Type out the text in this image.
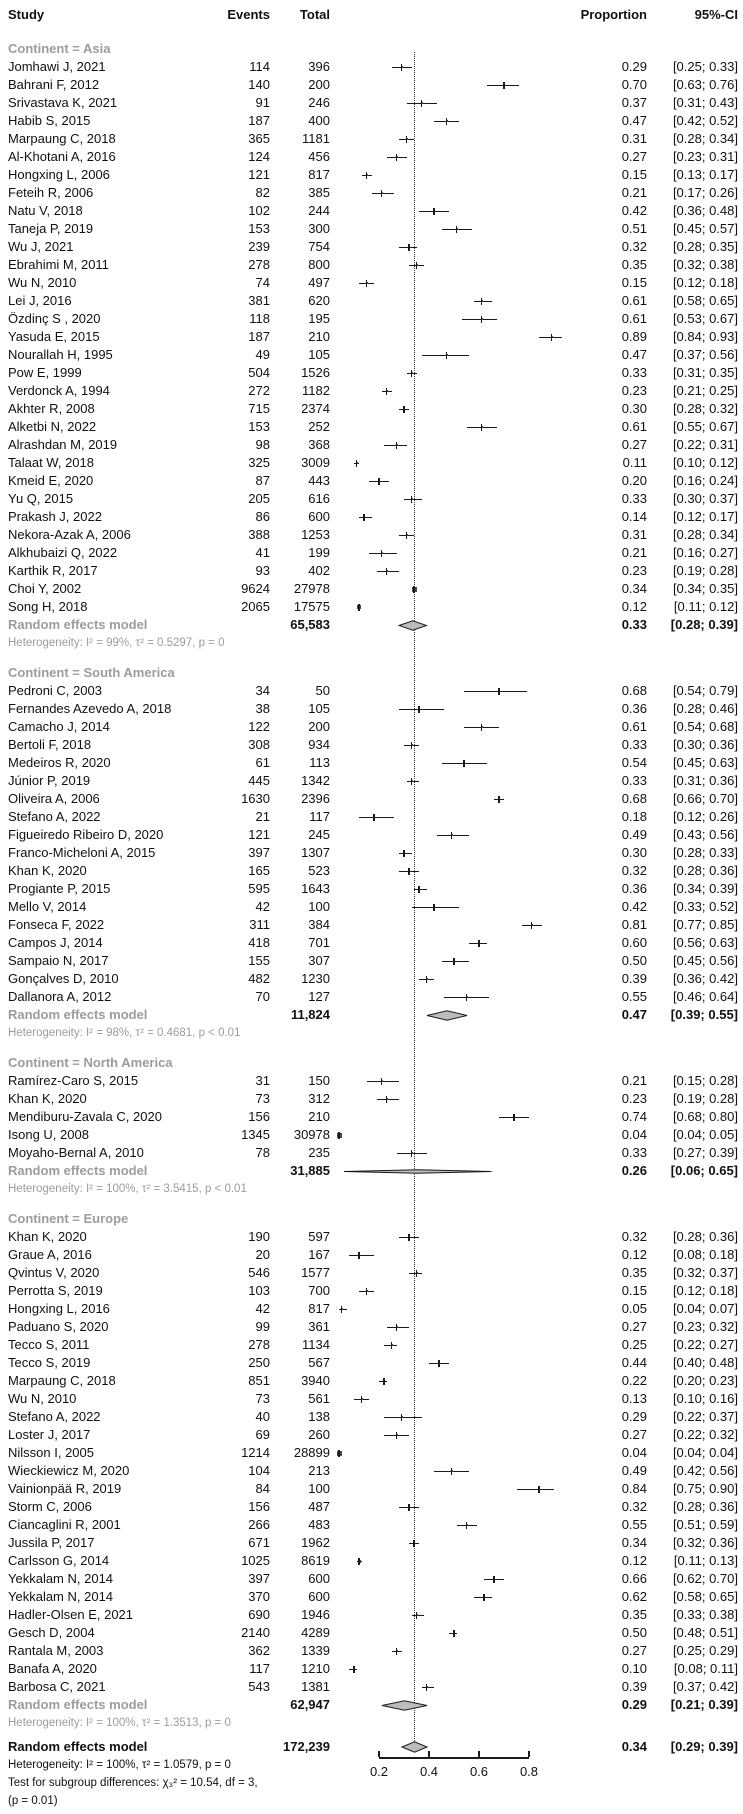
Study	Events	Total	Proportion	95%-CI
Continent = Asia
Jomhawi J, 2021	114	396	0.29	[0.25; 0.33]
Bahrani F, 2012	140	200	0.70	[0.63; 0.76]
Srivastava K, 2021	91	246	0.37	[0.31; 0.43]
Habib S, 2015	187	400	0.47	[0.42; 0.52]
Marpaung C, 2018	365	1181	0.31	[0.28; 0.34]
Al-Khotani A, 2016	124	456	0.27	[0.23; 0.31]
Hongxing L, 2006	121	817	0.15	[0.13; 0.17]
Feteih R, 2006	82	385	0.21	[0.17; 0.26]
Natu V, 2018	102	244	0.42	[0.36; 0.48]
Taneja P, 2019	153	300	0.51	[0.45; 0.57]
Wu J, 2021	239	754	0.32	[0.28; 0.35]
Ebrahimi M, 2011	278	800	0.35	[0.32; 0.38]
Wu N, 2010	74	497	0.15	[0.12; 0.18]
Lei J, 2016	381	620	0.61	[0.58; 0.65]
Özdinç S , 2020	118	195	0.61	[0.53; 0.67]
Yasuda E, 2015	187	210	0.89	[0.84; 0.93]
Nourallah H, 1995	49	105	0.47	[0.37; 0.56]
Pow E, 1999	504	1526	0.33	[0.31; 0.35]
Verdonck A, 1994	272	1182	0.23	[0.21; 0.25]
Akhter R, 2008	715	2374	0.30	[0.28; 0.32]
Alketbi N, 2022	153	252	0.61	[0.55; 0.67]
Alrashdan M, 2019	98	368	0.27	[0.22; 0.31]
Talaat W, 2018	325	3009	0.11	[0.10; 0.12]
Kmeid E, 2020	87	443	0.20	[0.16; 0.24]
Yu Q, 2015	205	616	0.33	[0.30; 0.37]
Prakash J, 2022	86	600	0.14	[0.12; 0.17]
Nekora-Azak A, 2006	388	1253	0.31	[0.28; 0.34]
Alkhubaizi Q, 2022	41	199	0.21	[0.16; 0.27]
Karthik R, 2017	93	402	0.23	[0.19; 0.28]
Choi Y, 2002	9624	27978	0.34	[0.34; 0.35]
Song H, 2018	2065	17575	0.12	[0.11; 0.12]
Random effects model	65,583	0.33	[0.28; 0.39]
Heterogeneity: I² = 99%, τ² = 0.5297, p = 0
Continent = South America
Pedroni C, 2003	34	50	0.68	[0.54; 0.79]
Fernandes Azevedo A, 2018	38	105	0.36	[0.28; 0.46]
Camacho J, 2014	122	200	0.61	[0.54; 0.68]
Bertoli F, 2018	308	934	0.33	[0.30; 0.36]
Medeiros R, 2020	61	113	0.54	[0.45; 0.63]
Júnior P, 2019	445	1342	0.33	[0.31; 0.36]
Oliveira A, 2006	1630	2396	0.68	[0.66; 0.70]
Stefano A, 2022	21	117	0.18	[0.12; 0.26]
Figueiredo Ribeiro D, 2020	121	245	0.49	[0.43; 0.56]
Franco-Micheloni A, 2015	397	1307	0.30	[0.28; 0.33]
Khan K, 2020	165	523	0.32	[0.28; 0.36]
Progiante P, 2015	595	1643	0.36	[0.34; 0.39]
Mello V, 2014	42	100	0.42	[0.33; 0.52]
Fonseca F, 2022	311	384	0.81	[0.77; 0.85]
Campos J, 2014	418	701	0.60	[0.56; 0.63]
Sampaio N, 2017	155	307	0.50	[0.45; 0.56]
Gonçalves D, 2010	482	1230	0.39	[0.36; 0.42]
Dallanora A, 2012	70	127	0.55	[0.46; 0.64]
Random effects model	11,824	0.47	[0.39; 0.55]
Heterogeneity: I² = 98%, τ² = 0.4681, p < 0.01
Continent = North America
Ramírez-Caro S, 2015	31	150	0.21	[0.15; 0.28]
Khan K, 2020	73	312	0.23	[0.19; 0.28]
Mendiburu-Zavala C, 2020	156	210	0.74	[0.68; 0.80]
Isong U, 2008	1345	30978	0.04	[0.04; 0.05]
Moyaho-Bernal A, 2010	78	235	0.33	[0.27; 0.39]
Random effects model	31,885	0.26	[0.06; 0.65]
Heterogeneity: I² = 100%, τ² = 3.5415, p < 0.01
Continent = Europe
Khan K, 2020	190	597	0.32	[0.28; 0.36]
Graue A, 2016	20	167	0.12	[0.08; 0.18]
Qvintus V, 2020	546	1577	0.35	[0.32; 0.37]
Perrotta S, 2019	103	700	0.15	[0.12; 0.18]
Hongxing L, 2016	42	817	0.05	[0.04; 0.07]
Paduano S, 2020	99	361	0.27	[0.23; 0.32]
Tecco S, 2011	278	1134	0.25	[0.22; 0.27]
Tecco S, 2019	250	567	0.44	[0.40; 0.48]
Marpaung C, 2018	851	3940	0.22	[0.20; 0.23]
Wu N, 2010	73	561	0.13	[0.10; 0.16]
Stefano A, 2022	40	138	0.29	[0.22; 0.37]
Loster J, 2017	69	260	0.27	[0.22; 0.32]
Nilsson I, 2005	1214	28899	0.04	[0.04; 0.04]
Wieckiewicz M, 2020	104	213	0.49	[0.42; 0.56]
Vainionpää R, 2019	84	100	0.84	[0.75; 0.90]
Storm C, 2006	156	487	0.32	[0.28; 0.36]
Ciancaglini R, 2001	266	483	0.55	[0.51; 0.59]
Jussila P, 2017	671	1962	0.34	[0.32; 0.36]
Carlsson G, 2014	1025	8619	0.12	[0.11; 0.13]
Yekkalam N, 2014	397	600	0.66	[0.62; 0.70]
Yekkalam N, 2014	370	600	0.62	[0.58; 0.65]
Hadler-Olsen E, 2021	690	1946	0.35	[0.33; 0.38]
Gesch D, 2004	2140	4289	0.50	[0.48; 0.51]
Rantala M, 2003	362	1339	0.27	[0.25; 0.29]
Banafa A, 2020	117	1210	0.10	[0.08; 0.11]
Barbosa C, 2021	543	1381	0.39	[0.37; 0.42]
Random effects model	62,947	0.29	[0.21; 0.39]
Heterogeneity: I² = 100%, τ² = 1.3513, p = 0
Random effects model	172,239	0.34	[0.29; 0.39]
Heterogeneity: I² = 100%, τ² = 1.0579, p = 0
Test for subgroup differences: χ₃² = 10.54, df = 3,
(p = 0.01)
0.2	0.4	0.6	0.8
